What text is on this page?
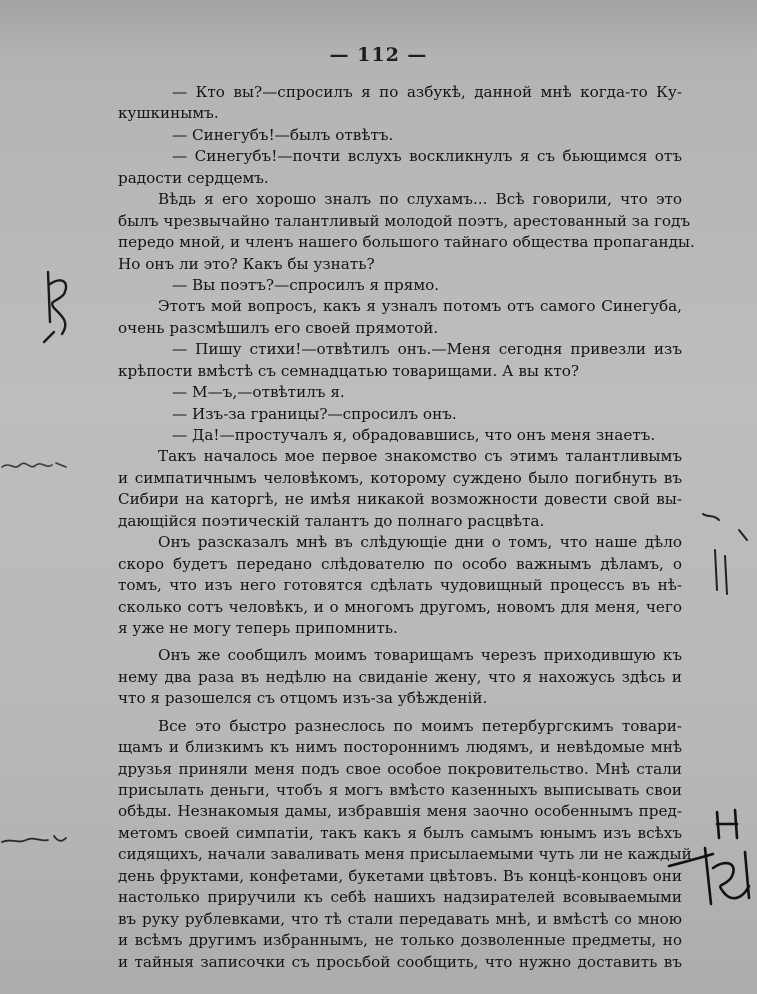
— 112 —
— Кто вы?—спросилъ я по азбукѣ, данной мнѣ когда-то Ку-
кушкинымъ.
— Синегубъ!—былъ отвѣтъ.
— Синегубъ!—почти вслухъ воскликнулъ я съ бьющимся отъ
радости сердцемъ.
Вѣдь я его хорошо зналъ по слухамъ... Всѣ говорили, что это
былъ чрезвычайно талантливый молодой поэтъ, арестованный за годъ
передо мной, и членъ нашего большого тайнаго общества пропаганды.
Но онъ ли это? Какъ бы узнать?
— Вы поэтъ?—спросилъ я прямо.
Этотъ мой вопросъ, какъ я узналъ потомъ отъ самого Синегуба,
очень разсмѣшилъ его своей прямотой.
— Пишу стихи!—отвѣтилъ онъ.—Меня сегодня привезли изъ
крѣпости вмѣстѣ съ семнадцатью товарищами. А вы кто?
— М—ъ,—отвѣтилъ я.
— Изъ-за границы?—спросилъ онъ.
— Да!—простучалъ я, обрадовавшись, что онъ меня знаетъ.
Такъ началось мое первое знакомство съ этимъ талантливымъ
и симпатичнымъ человѣкомъ, которому суждено было погибнуть въ
Сибири на каторгѣ, не имѣя никакой возможности довести свой вы-
дающійся поэтическій талантъ до полнаго расцвѣта.
Онъ разсказалъ мнѣ въ слѣдующіе дни о томъ, что наше дѣло
скоро будетъ передано слѣдователю по особо важнымъ дѣламъ, о
томъ, что изъ него готовятся сдѣлать чудовищный процессъ въ нѣ-
сколько сотъ человѣкъ, и о многомъ другомъ, новомъ для меня, чего
я уже не могу теперь припомнить.
Онъ же сообщилъ моимъ товарищамъ черезъ приходившую къ
нему два раза въ недѣлю на свиданіе жену, что я нахожусь здѣсь и
что я разошелся съ отцомъ изъ-за убѣжденій.
Все это быстро разнеслось по моимъ петербургскимъ товари-
щамъ и близкимъ къ нимъ постороннимъ людямъ, и невѣдомые мнѣ
друзья приняли меня подъ свое особое покровительство. Мнѣ стали
присылать деньги, чтобъ я могъ вмѣсто казенныхъ выписывать свои
обѣды. Незнакомыя дамы, избравшія меня заочно особеннымъ пред-
метомъ своей симпатіи, такъ какъ я былъ самымъ юнымъ изъ всѣхъ
сидящихъ, начали заваливать меня присылаемыми чуть ли не каждый
день фруктами, конфетами, букетами цвѣтовъ. Въ концѣ-концовъ они
настолько приручили къ себѣ нашихъ надзирателей всовываемыми
въ руку рублевками, что тѣ стали передавать мнѣ, и вмѣстѣ со мною
и всѣмъ другимъ избраннымъ, не только дозволенные предметы, но
и тайныя записочки съ просьбой сообщить, что нужно доставить въ
